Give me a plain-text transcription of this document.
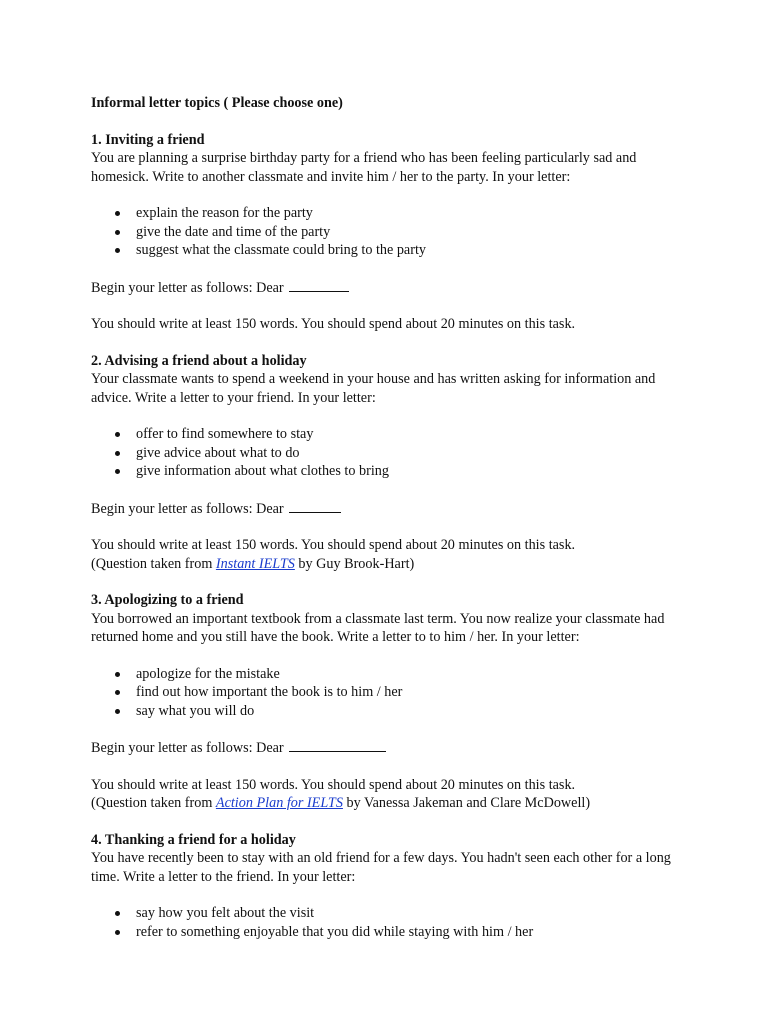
Informal letter topics ( Please choose one)

1. Inviting a friend

You are planning a surprise birthday party for a friend who has been feeling particularly sad and homesick. Write to another classmate and invite him / her to the party. In your letter:

explain the reason for the party
give the date and time of the party
suggest what the classmate could bring to the party

Begin your letter as follows: Dear

You should write at least 150 words. You should spend about 20 minutes on this task.

2. Advising a friend about a holiday

Your classmate wants to spend a weekend in your house and has written asking for information and advice. Write a letter to your friend. In your letter:

offer to find somewhere to stay
give advice about what to do
give information about what clothes to bring

Begin your letter as follows: Dear

You should write at least 150 words. You should spend about 20 minutes on this task.

(Question taken from Instant IELTS by Guy Brook-Hart)

3. Apologizing to a friend

You borrowed an important textbook from a classmate last term. You now realize your classmate had returned home and you still have the book. Write a letter to to him / her. In your letter:

apologize for the mistake
find out how important the book is to him / her
say what you will do

Begin your letter as follows: Dear

You should write at least 150 words. You should spend about 20 minutes on this task.

(Question taken from Action Plan for IELTS by Vanessa Jakeman and Clare McDowell)

4. Thanking a friend for a holiday

You have recently been to stay with an old friend for a few days. You hadn't seen each other for a long time. Write a letter to the friend. In your letter:

say how you felt about the visit
refer to something enjoyable that you did while staying with him / her
